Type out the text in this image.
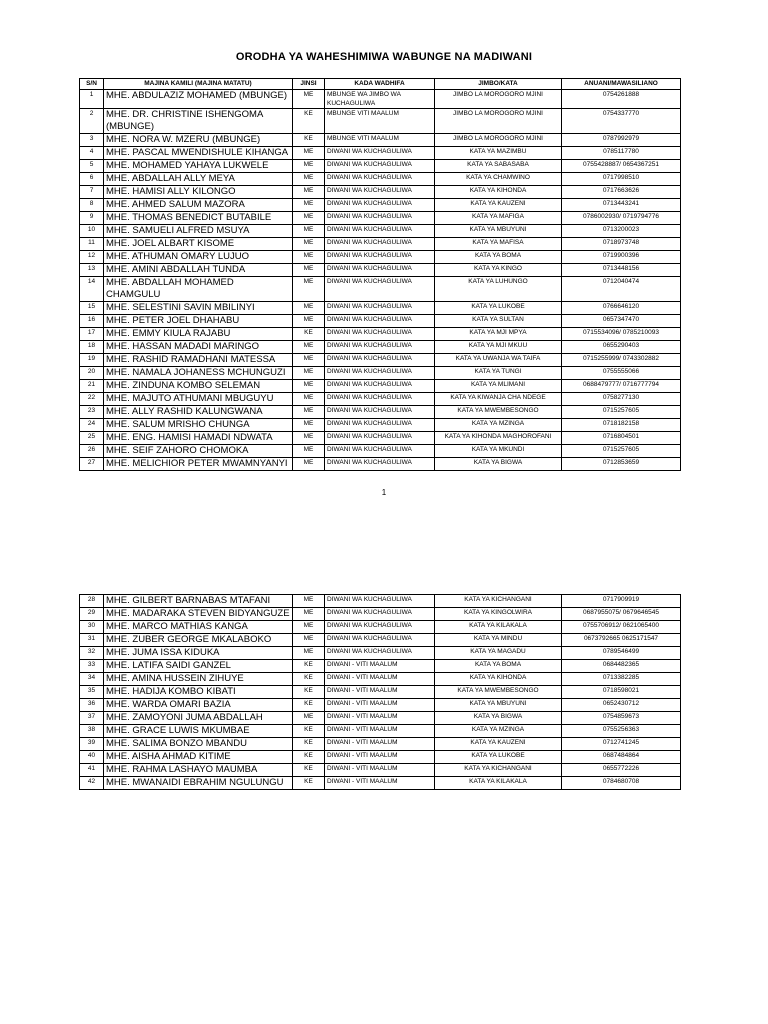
ORODHA YA WAHESHIMIWA WABUNGE NA MADIWANI
S/N	MAJINA KAMILI (MAJINA MATATU)	JINSI	KADA WADHIFA	JIMBO/KATA	ANUANI/MAWASILIANO
1	MHE. ABDULAZIZ MOHAMED (MBUNGE)	ME	MBUNGE WA JIMBO WA KUCHAGULIWA	JIMBO LA MOROGORO MJINI	0754261888
2	MHE. DR. CHRISTINE ISHENGOMA (MBUNGE)	KE	MBUNGE VITI MAALUM	JIMBO LA MOROGORO MJINI	0754337770
3	MHE. NORA W. MZERU (MBUNGE)	KE	MBUNGE VITI MAALUM	JIMBO LA MOROGORO MJINI	0787992979
4	MHE. PASCAL MWENDISHULE KIHANGA	ME	DIWANI WA KUCHAGULIWA	KATA YA MAZIMBU	0785117780
5	MHE. MOHAMED YAHAYA LUKWELE	ME	DIWANI WA KUCHAGULIWA	KATA YA SABASABA	0755428887/ 0654367251
6	MHE. ABDALLAH ALLY MEYA	ME	DIWANI WA KUCHAGULIWA	KATA YA CHAMWINO	0717998510
7	MHE. HAMISI ALLY KILONGO	ME	DIWANI WA KUCHAGULIWA	KATA YA KIHONDA	0717663626
8	MHE. AHMED SALUM MAZORA	ME	DIWANI WA KUCHAGULIWA	KATA YA KAUZENI	0713443241
9	MHE. THOMAS BENEDICT BUTABILE	ME	DIWANI WA KUCHAGULIWA	KATA YA MAFIGA	0786002930/ 0719794776
10	MHE. SAMUELI ALFRED MSUYA	ME	DIWANI WA KUCHAGULIWA	KATA YA MBUYUNI	0713200023
11	MHE. JOEL ALBART KISOME	ME	DIWANI WA KUCHAGULIWA	KATA YA MAFISA	0718973748
12	MHE. ATHUMAN OMARY LUJUO	ME	DIWANI WA KUCHAGULIWA	KATA YA BOMA	0719900396
13	MHE. AMINI ABDALLAH TUNDA	ME	DIWANI WA KUCHAGULIWA	KATA YA KINGO	0713448156
14	MHE. ABDALLAH MOHAMED CHAMGULU	ME	DIWANI WA KUCHAGULIWA	KATA YA LUHUNGO	0712040474
15	MHE. SELESTINI SAVIN MBILINYI	ME	DIWANI WA KUCHAGULIWA	KATA YA LUKOBE	0766646120
16	MHE. PETER JOEL DHAHABU	ME	DIWANI WA KUCHAGULIWA	KATA YA SULTAN	0657347470
17	MHE. EMMY KIULA RAJABU	KE	DIWANI WA KUCHAGULIWA	KATA YA MJI MPYA	0715534096/ 0785210093
18	MHE. HASSAN MADADI MARINGO	ME	DIWANI WA KUCHAGULIWA	KATA YA MJI MKUU	0655290403
19	MHE. RASHID RAMADHANI MATESSA	ME	DIWANI WA KUCHAGULIWA	KATA YA UWANJA WA TAIFA	0715255999/ 0743302882
20	MHE. NAMALA JOHANESS MCHUNGUZI	ME	DIWANI WA KUCHAGULIWA	KATA YA TUNGI	0755555066
21	MHE. ZINDUNA KOMBO SELEMAN	ME	DIWANI WA KUCHAGULIWA	KATA YA MLIMANI	0688479777/ 0716777794
22	MHE. MAJUTO ATHUMANI MBUGUYU	ME	DIWANI WA KUCHAGULIWA	KATA YA KIWANJA CHA NDEGE	0758277130
23	MHE. ALLY RASHID KALUNGWANA	ME	DIWANI WA KUCHAGULIWA	KATA YA MWEMBESONGO	0715257605
24	MHE. SALUM MRISHO CHUNGA	ME	DIWANI WA KUCHAGULIWA	KATA YA MZINGA	0718182158
25	MHE. ENG. HAMISI HAMADI NDWATA	ME	DIWANI WA KUCHAGULIWA	KATA YA KIHONDA MAGHOROFANI	0716804501
26	MHE. SEIF ZAHORO CHOMOKA	ME	DIWANI WA KUCHAGULIWA	KATA YA MKUNDI	0715257605
27	MHE. MELICHIOR PETER MWAMNYANYI	ME	DIWANI WA KUCHAGULIWA	KATA YA BIGWA	0712853659
1
28	MHE. GILBERT BARNABAS MTAFANI	ME	DIWANI WA KUCHAGULIWA	KATA YA KICHANGANI	0717909919
29	MHE. MADARAKA STEVEN BIDYANGUZE	ME	DIWANI WA KUCHAGULIWA	KATA YA KINGOLWIRA	0687955075/ 0679646545
30	MHE. MARCO MATHIAS KANGA	ME	DIWANI WA KUCHAGULIWA	KATA YA KILAKALA	0755706912/ 0621065400
31	MHE. ZUBER GEORGE MKALABOKO	ME	DIWANI WA KUCHAGULIWA	KATA YA MINDU	0673792665 0625171547
32	MHE. JUMA ISSA KIDUKA	ME	DIWANI WA KUCHAGULIWA	KATA YA MAGADU	0789546499
33	MHE. LATIFA SAIDI GANZEL	KE	DIWANI - VITI MAALUM	KATA YA BOMA	0684482365
34	MHE. AMINA HUSSEIN ZIHUYE	KE	DIWANI - VITI MAALUM	KATA YA KIHONDA	0713382285
35	MHE. HADIJA KOMBO KIBATI	KE	DIWANI - VITI MAALUM	KATA YA MWEMBESONGO	0718598021
36	MHE. WARDA OMARI BAZIA	KE	DIWANI - VITI MAALUM	KATA YA MBUYUNI	0652430712
37	MHE. ZAMOYONI JUMA ABDALLAH	ME	DIWANI - VITI MAALUM	KATA YA BIGWA	0754859673
38	MHE. GRACE LUWIS MKUMBAE	KE	DIWANI - VITI MAALUM	KATA YA MZINGA	0755256363
39	MHE. SALIMA BONZO MBANDU	KE	DIWANI - VITI MAALUM	KATA YA KAUZENI	0712741245
40	MHE. AISHA AHMAD KITIME	KE	DIWANI - VITI MAALUM	KATA YA LUKOBE	0687484864
41	MHE. RAHMA LASHAYO MAUMBA	KE	DIWANI - VITI MAALUM	KATA YA KICHANGANI	0655772226
42	MHE. MWANAIDI EBRAHIM NGULUNGU	KE	DIWANI - VITI MAALUM	KATA YA KILAKALA	0784680708
